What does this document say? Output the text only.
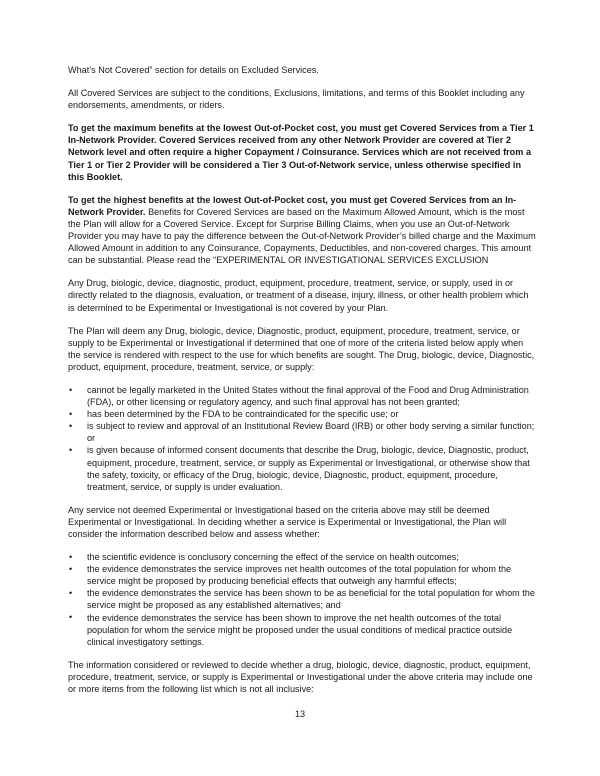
What’s Not Covered” section for details on Excluded Services.

All Covered Services are subject to the conditions, Exclusions, limitations, and terms of this Booklet including any endorsements, amendments, or riders.

To get the maximum benefits at the lowest Out-of-Pocket cost, you must get Covered Services from a Tier 1 In-Network Provider. Covered Services received from any other Network Provider are covered at Tier 2 Network level and often require a higher Copayment / Coinsurance. Services which are not received from a Tier 1 or Tier 2 Provider will be considered a Tier 3 Out-of-Network service, unless otherwise specified in this Booklet.

To get the highest benefits at the lowest Out-of-Pocket cost, you must get Covered Services from an In-Network Provider. Benefits for Covered Services are based on the Maximum Allowed Amount, which is the most the Plan will allow for a Covered Service. Except for Surprise Billing Claims, when you use an Out-of-Network Provider you may have to pay the difference between the Out-of-Network Provider’s billed charge and the Maximum Allowed Amount in addition to any Coinsurance, Copayments, Deductibles, and non-covered charges. This amount can be substantial. Please read the “EXPERIMENTAL OR INVESTIGATIONAL SERVICES EXCLUSION

Any Drug, biologic, device, diagnostic, product, equipment, procedure, treatment, service, or supply, used in or directly related to the diagnosis, evaluation, or treatment of a disease, injury, illness, or other health problem which is determined to be Experimental or Investigational is not covered by your Plan.

The Plan will deem any Drug, biologic, device, Diagnostic, product, equipment, procedure, treatment, service, or supply to be Experimental or Investigational if determined that one of more of the criteria listed below apply when the service is rendered with respect to the use for which benefits are sought. The Drug, biologic, device, Diagnostic, product, equipment, procedure, treatment, service, or supply:

• cannot be legally marketed in the United States without the final approval of the Food and Drug Administration (FDA), or other licensing or regulatory agency, and such final approval has not been granted;
• has been determined by the FDA to be contraindicated for the specific use; or
• is subject to review and approval of an Institutional Review Board (IRB) or other body serving a similar function; or
• is given because of informed consent documents that describe the Drug, biologic, device, Diagnostic, product, equipment, procedure, treatment, service, or supply as Experimental or Investigational, or otherwise show that the safety, toxicity, or efficacy of the Drug, biologic, device, Diagnostic, product, equipment, procedure, treatment, service, or supply is under evaluation.

Any service not deemed Experimental or Investigational based on the criteria above may still be deemed Experimental or Investigational. In deciding whether a service is Experimental or Investigational, the Plan will consider the information described below and assess whether:

• the scientific evidence is conclusory concerning the effect of the service on health outcomes;
• the evidence demonstrates the service improves net health outcomes of the total population for whom the service might be proposed by producing beneficial effects that outweigh any harmful effects;
• the evidence demonstrates the service has been shown to be as beneficial for the total population for whom the service might be proposed as any established alternatives; and
• the evidence demonstrates the service has been shown to improve the net health outcomes of the total population for whom the service might be proposed under the usual conditions of medical practice outside clinical investigatory settings.

The information considered or reviewed to decide whether a drug, biologic, device, diagnostic, product, equipment, procedure, treatment, service, or supply is Experimental or Investigational under the above criteria may include one or more items from the following list which is not all inclusive:

13
